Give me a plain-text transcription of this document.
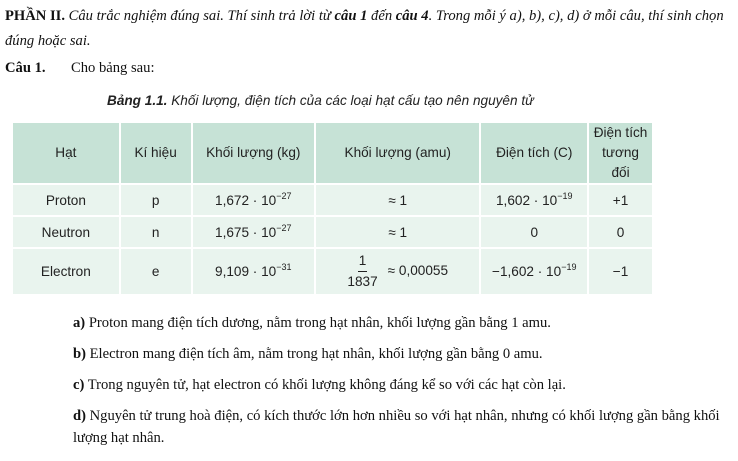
PHẦN II. Câu trắc nghiệm đúng sai. Thí sinh trả lời từ câu 1 đến câu 4. Trong mỗi ý a), b), c), d) ở mỗi câu, thí sinh chọn đúng hoặc sai.
Câu 1. Cho bảng sau:
Bảng 1.1. Khối lượng, điện tích của các loại hạt cấu tạo nên nguyên tử
Hạt	Kí hiệu	Khối lượng (kg)	Khối lượng (amu)	Điện tích (C)	Điện tích tương đối
Proton	p	$1,672 \cdot 10^{-27}$	≈ 1	$1,602 \cdot 10^{-19}$	+1
Neutron	n	$1,675 \cdot 10^{-27}$	≈ 1	0	0
Electron	e	$9,109 \cdot 10^{-31}$	$\frac{1}{1837} \approx 0,00055$	$-1,602 \cdot 10^{-19}$	−1
a) Proton mang điện tích dương, nằm trong hạt nhân, khối lượng gần bằng 1 amu.
b) Electron mang điện tích âm, nằm trong hạt nhân, khối lượng gần bằng 0 amu.
c) Trong nguyên tử, hạt electron có khối lượng không đáng kể so với các hạt còn lại.
d) Nguyên tử trung hoà điện, có kích thước lớn hơn nhiều so với hạt nhân, nhưng có khối lượng gần bằng khối lượng hạt nhân.
